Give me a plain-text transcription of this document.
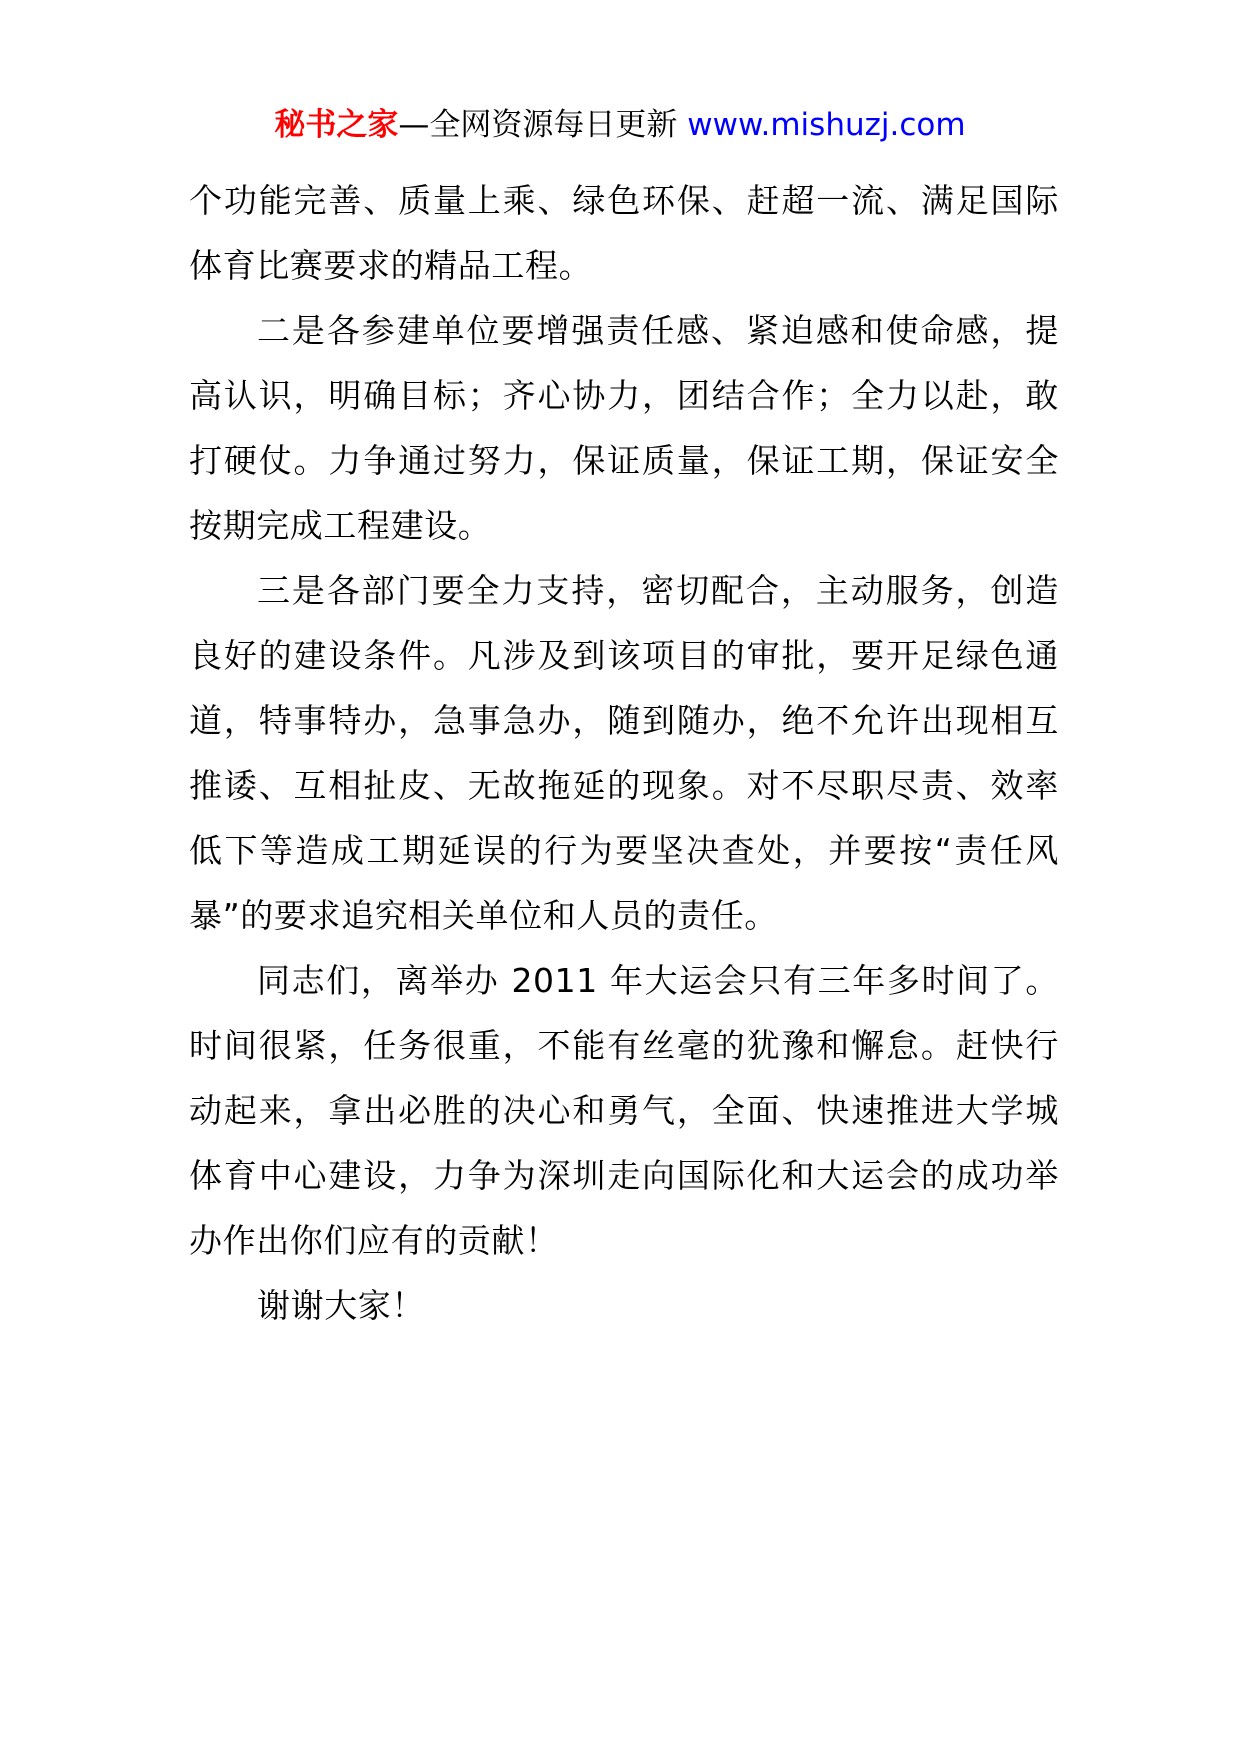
秘书之家—全网资源每日更新 www.mishuzj.com

个功能完善、质量上乘、绿色环保、赶超一流、满足国际体育比赛要求的精品工程。

二是各参建单位要增强责任感、紧迫感和使命感，提高认识，明确目标；齐心协力，团结合作；全力以赴，敢打硬仗。力争通过努力，保证质量，保证工期，保证安全按期完成工程建设。

三是各部门要全力支持，密切配合，主动服务，创造良好的建设条件。凡涉及到该项目的审批，要开足绿色通道，特事特办，急事急办，随到随办，绝不允许出现相互推诿、互相扯皮、无故拖延的现象。对不尽职尽责、效率低下等造成工期延误的行为要坚决查处，并要按“责任风暴”的要求追究相关单位和人员的责任。

同志们，离举办 2011 年大运会只有三年多时间了。时间很紧，任务很重，不能有丝毫的犹豫和懈怠。赶快行动起来，拿出必胜的决心和勇气，全面、快速推进大学城体育中心建设，力争为深圳走向国际化和大运会的成功举办作出你们应有的贡献！

谢谢大家！
